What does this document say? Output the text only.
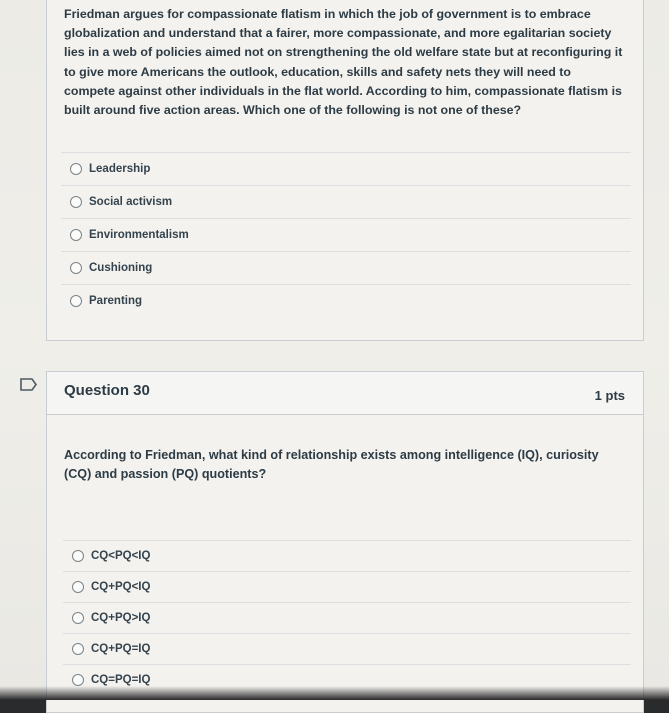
Friedman argues for compassionate flatism in which the job of government is to embrace globalization and understand that a fairer, more compassionate, and more egalitarian society lies in a web of policies aimed not on strengthening the old welfare state but at reconfiguring it to give more Americans the outlook, education, skills and safety nets they will need to compete against other individuals in the flat world. According to him, compassionate flatism is built around five action areas. Which one of the following is not one of these?
Leadership
Social activism
Environmentalism
Cushioning
Parenting
Question 30	1 pts
According to Friedman, what kind of relationship exists among intelligence (IQ), curiosity (CQ) and passion (PQ) quotients?
CQ<PQ<IQ
CQ+PQ<IQ
CQ+PQ>IQ
CQ+PQ=IQ
CQ=PQ=IQ
